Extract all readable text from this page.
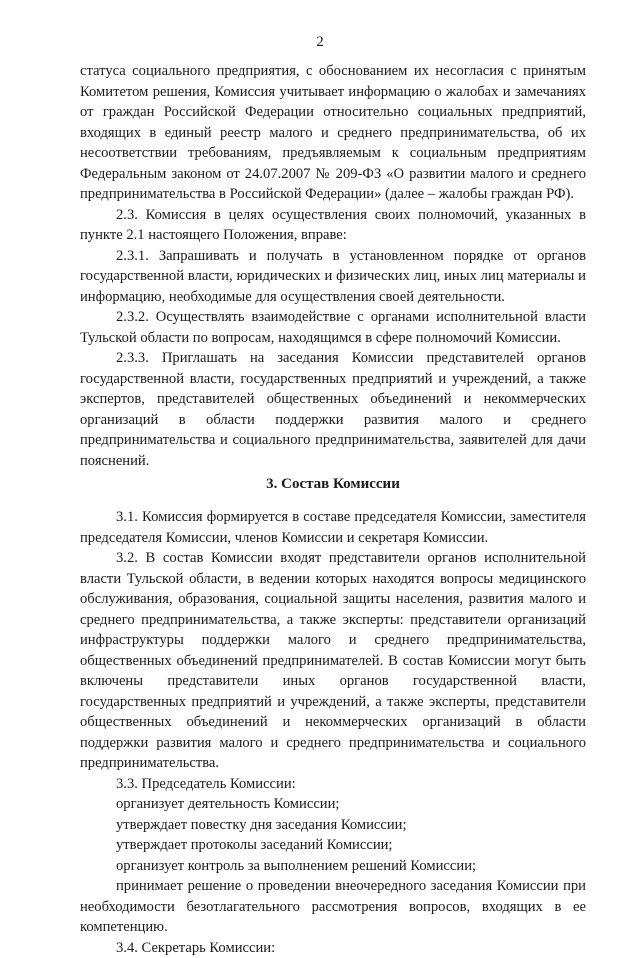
2

статуса социального предприятия, с обоснованием их несогласия с принятым Комитетом решения, Комиссия учитывает информацию о жалобах и замечаниях от граждан Российской Федерации относительно социальных предприятий, входящих в единый реестр малого и среднего предпринимательства, об их несоответствии требованиям, предъявляемым к социальным предприятиям Федеральным законом от 24.07.2007 № 209-ФЗ «О развитии малого и среднего предпринимательства в Российской Федерации» (далее – жалобы граждан РФ).

2.3. Комиссия в целях осуществления своих полномочий, указанных в пункте 2.1 настоящего Положения, вправе:

2.3.1. Запрашивать и получать в установленном порядке от органов государственной власти, юридических и физических лиц, иных лиц материалы и информацию, необходимые для осуществления своей деятельности.

2.3.2. Осуществлять взаимодействие с органами исполнительной власти Тульской области по вопросам, находящимся в сфере полномочий Комиссии.

2.3.3. Приглашать на заседания Комиссии представителей органов государственной власти, государственных предприятий и учреждений, а также экспертов, представителей общественных объединений и некоммерческих организаций в области поддержки развития малого и среднего предпринимательства и социального предпринимательства, заявителей для дачи пояснений.

3. Состав Комиссии

3.1. Комиссия формируется в составе председателя Комиссии, заместителя председателя Комиссии, членов Комиссии и секретаря Комиссии.

3.2. В состав Комиссии входят представители органов исполнительной власти Тульской области, в ведении которых находятся вопросы медицинского обслуживания, образования, социальной защиты населения, развития малого и среднего предпринимательства, а также эксперты: представители организаций инфраструктуры поддержки малого и среднего предпринимательства, общественных объединений предпринимателей. В состав Комиссии могут быть включены представители иных органов государственной власти, государственных предприятий и учреждений, а также эксперты, представители общественных объединений и некоммерческих организаций в области поддержки развития малого и среднего предпринимательства и социального предпринимательства.

3.3. Председатель Комиссии:

организует деятельность Комиссии;

утверждает повестку дня заседания Комиссии;

утверждает протоколы заседаний Комиссии;

организует контроль за выполнением решений Комиссии;

принимает решение о проведении внеочередного заседания Комиссии при необходимости безотлагательного рассмотрения вопросов, входящих в ее компетенцию.

3.4. Секретарь Комиссии:
